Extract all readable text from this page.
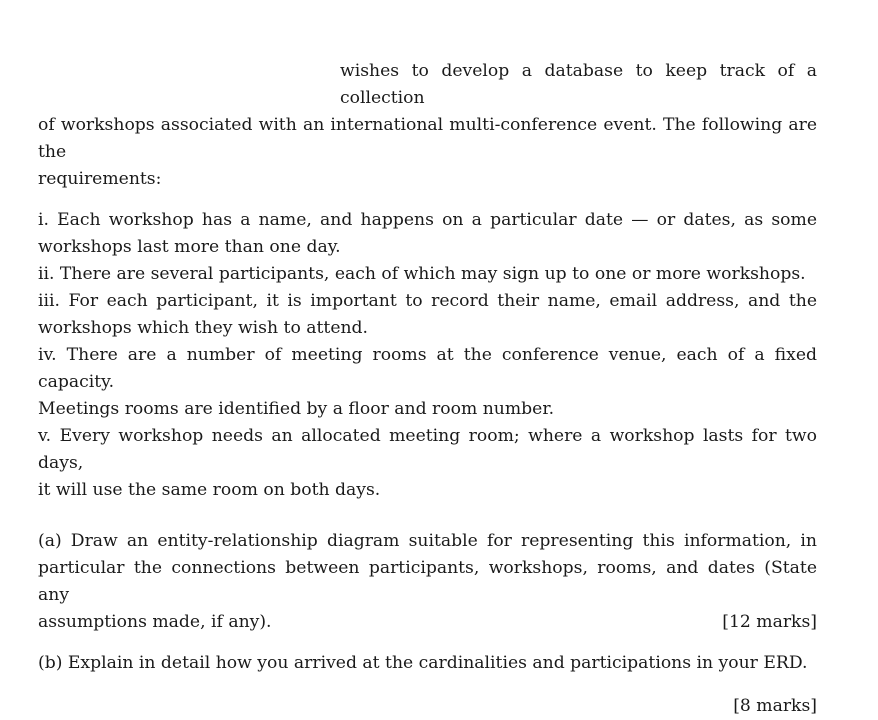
wishes to develop a database to keep track of a collection
of workshops associated with an international multi-conference event. The following are the
requirements:
i. Each workshop has a name, and happens on a particular date — or dates, as some
workshops last more than one day.
ii. There are several participants, each of which may sign up to one or more workshops.
iii. For each participant, it is important to record their name, email address, and the
workshops which they wish to attend.
iv. There are a number of meeting rooms at the conference venue, each of a fixed capacity.
Meetings rooms are identified by a floor and room number.
v. Every workshop needs an allocated meeting room; where a workshop lasts for two days,
it will use the same room on both days.
(a) Draw an entity-relationship diagram suitable for representing this information, in
particular the connections between participants, workshops, rooms, and dates (State any
assumptions made, if any).	[12 marks]
(b) Explain in detail how you arrived at the cardinalities and participations in your ERD.
[8 marks]
